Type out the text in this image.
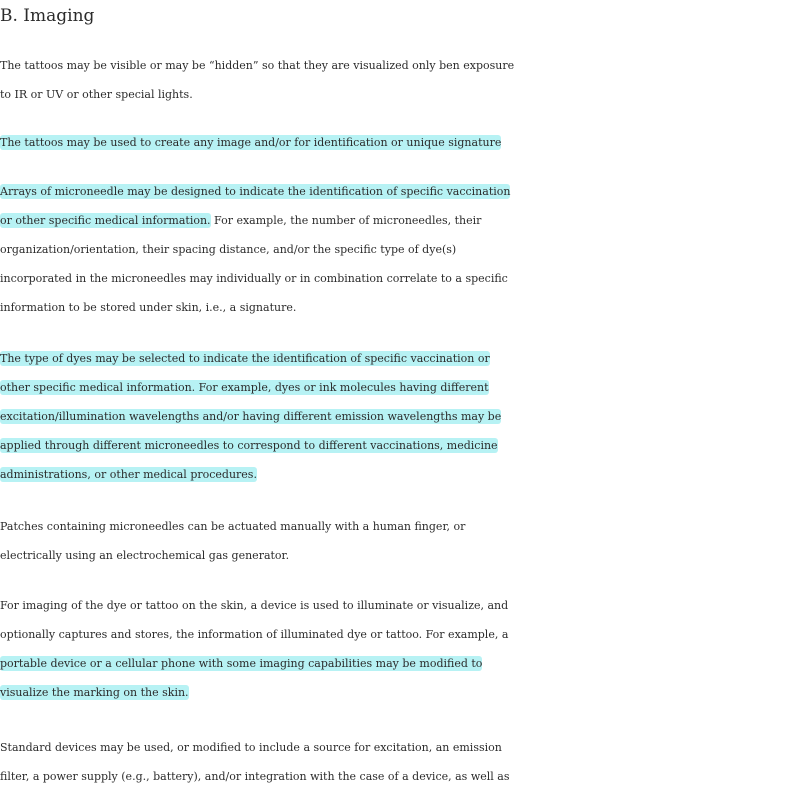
B. Imaging
The tattoos may be visible or may be “hidden” so that they are visualized only ben exposure
to IR or UV or other special lights.
The tattoos may be used to create any image and/or for identification or unique signature
Arrays of microneedle may be designed to indicate the identification of specific vaccination
or other specific medical information. For example, the number of microneedles, their
organization/orientation, their spacing distance, and/or the specific type of dye(s)
incorporated in the microneedles may individually or in combination correlate to a specific
information to be stored under skin, i.e., a signature.
The type of dyes may be selected to indicate the identification of specific vaccination or
other specific medical information. For example, dyes or ink molecules having different
excitation/illumination wavelengths and/or having different emission wavelengths may be
applied through different microneedles to correspond to different vaccinations, medicine
administrations, or other medical procedures.
Patches containing microneedles can be actuated manually with a human finger, or
electrically using an electrochemical gas generator.
For imaging of the dye or tattoo on the skin, a device is used to illuminate or visualize, and
optionally captures and stores, the information of illuminated dye or tattoo. For example, a
portable device or a cellular phone with some imaging capabilities may be modified to
visualize the marking on the skin.
Standard devices may be used, or modified to include a source for excitation, an emission
filter, a power supply (e.g., battery), and/or integration with the case of a device, as well as
